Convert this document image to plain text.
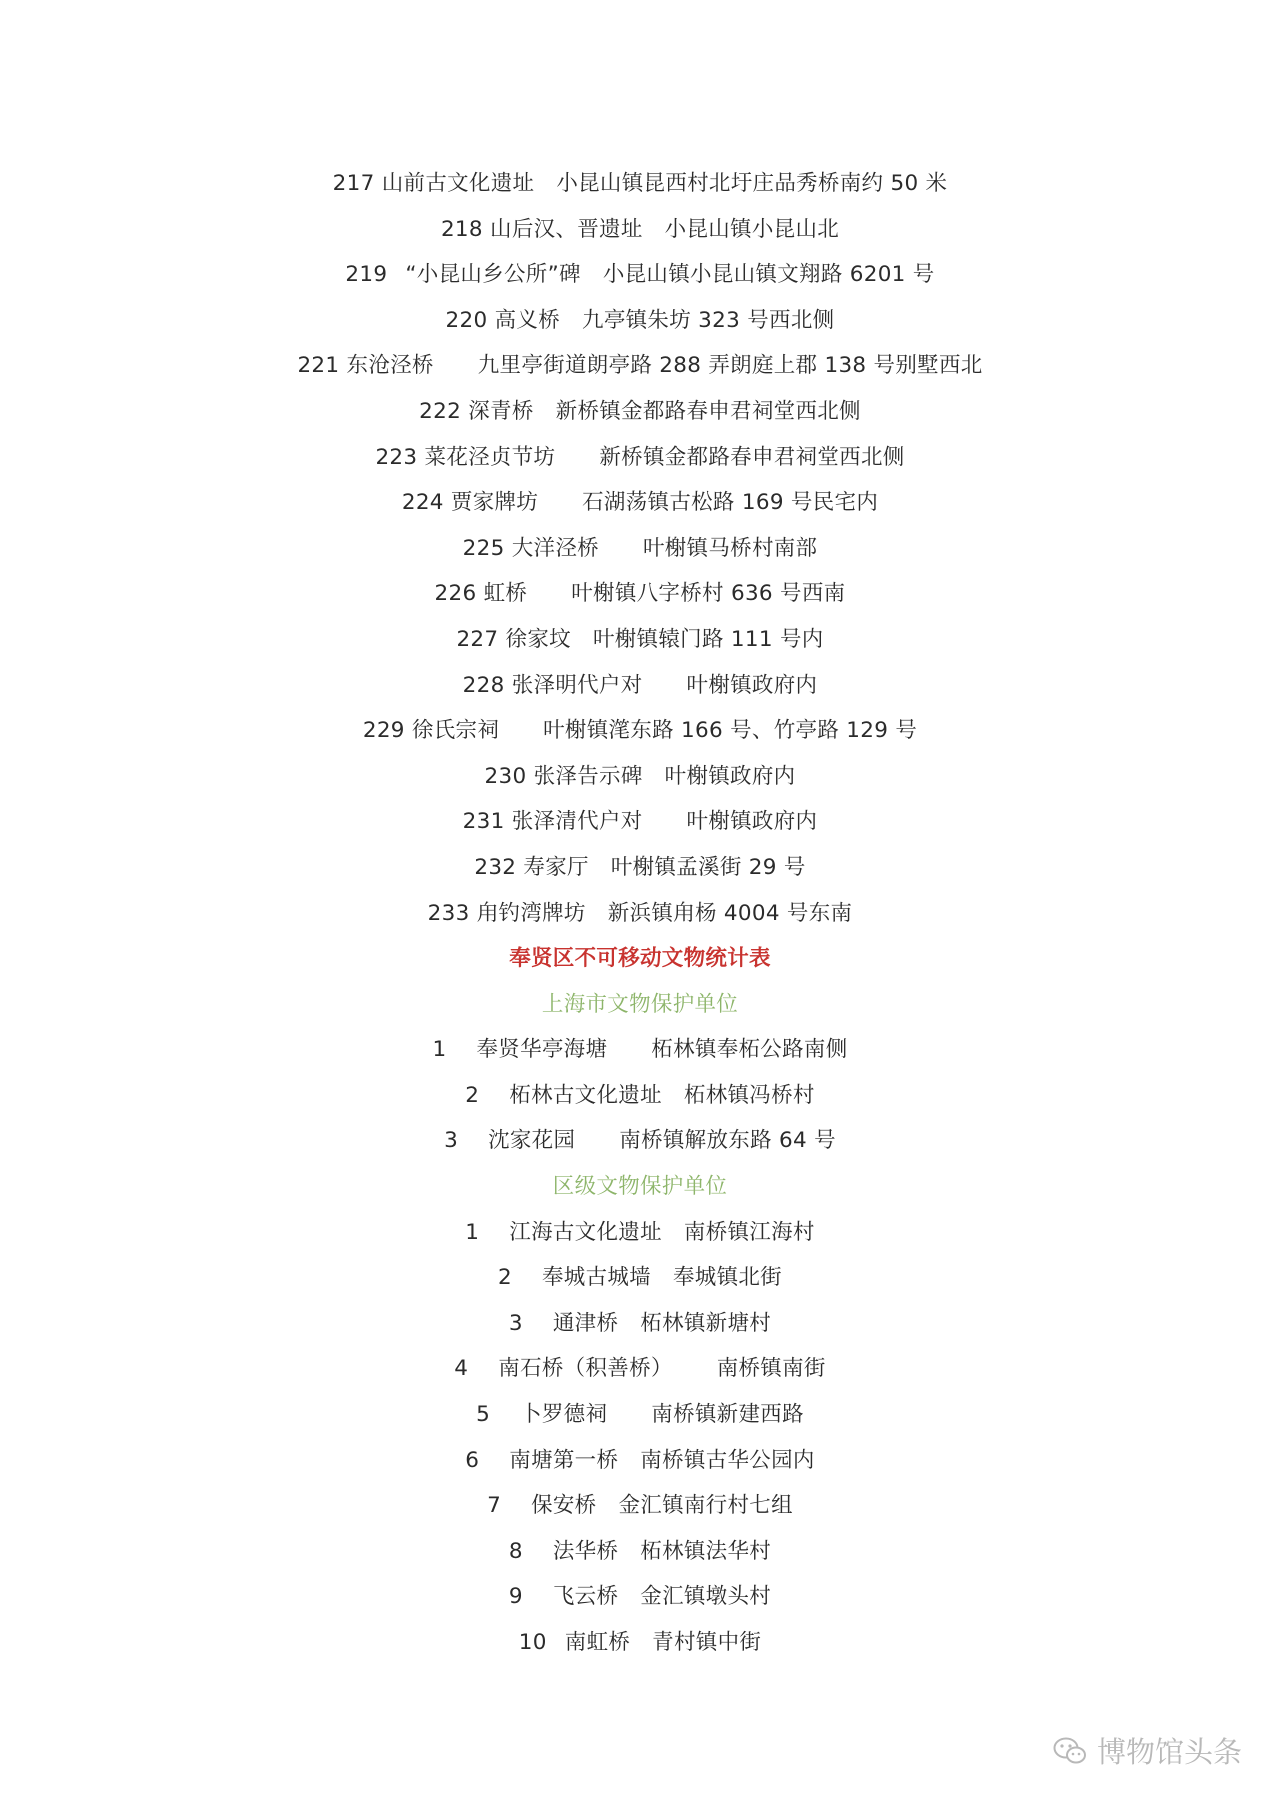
217 山前古文化遗址 小昆山镇昆西村北圩庄品秀桥南约 50 米
218 山后汉、晋遗址 小昆山镇小昆山北
219 “小昆山乡公所”碑 小昆山镇小昆山镇文翔路 6201 号
220 高义桥 九亭镇朱坊 323 号西北侧
221 东沧泾桥 九里亭街道朗亭路 288 弄朗庭上郡 138 号别墅西北
222 深青桥 新桥镇金都路春申君祠堂西北侧
223 菜花泾贞节坊 新桥镇金都路春申君祠堂西北侧
224 贾家牌坊 石湖荡镇古松路 169 号民宅内
225 大洋泾桥 叶榭镇马桥村南部
226 虹桥 叶榭镇八字桥村 636 号西南
227 徐家坟 叶榭镇辕门路 111 号内
228 张泽明代户对 叶榭镇政府内
229 徐氏宗祠 叶榭镇滗东路 166 号、竹亭路 129 号
230 张泽告示碑 叶榭镇政府内
231 张泽清代户对 叶榭镇政府内
232 寿家厅 叶榭镇孟溪街 29 号
233 甪钓湾牌坊 新浜镇甪杨 4004 号东南
奉贤区不可移动文物统计表
上海市文物保护单位
1 奉贤华亭海塘 柘林镇奉柘公路南侧
2 柘林古文化遗址 柘林镇冯桥村
3 沈家花园 南桥镇解放东路 64 号
区级文物保护单位
1 江海古文化遗址 南桥镇江海村
2 奉城古城墙 奉城镇北街
3 通津桥 柘林镇新塘村
4 南石桥（积善桥） 南桥镇南街
5 卜罗德祠 南桥镇新建西路
6 南塘第一桥 南桥镇古华公园内
7 保安桥 金汇镇南行村七组
8 法华桥 柘林镇法华村
9 飞云桥 金汇镇墩头村
10 南虹桥 青村镇中街
博物馆头条
